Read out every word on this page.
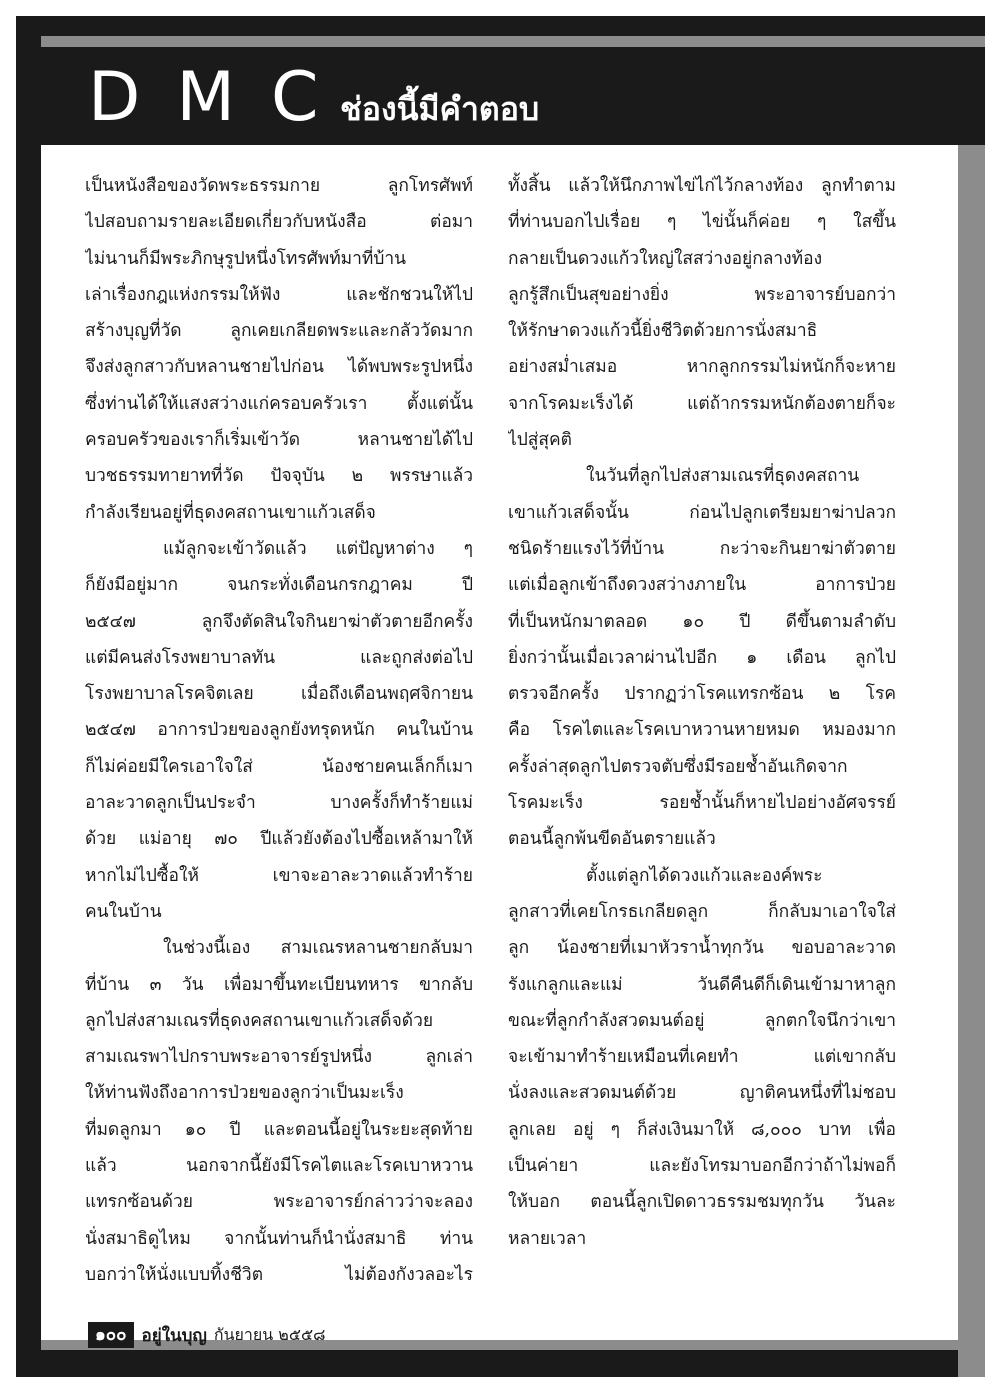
DMC
ช่องนี้มีคำตอบ
เป็นหนังสือของวัดพระธรรมกาย ลูกโทรศัพท์
ไปสอบถามรายละเอียดเกี่ยวกับหนังสือ ต่อมา
ไม่นานก็มีพระภิกษุรูปหนึ่งโทรศัพท์มาที่บ้าน
เล่าเรื่องกฎแห่งกรรมให้ฟัง และชักชวนให้ไป
สร้างบุญที่วัด ลูกเคยเกลียดพระและกลัววัดมาก
จึงส่งลูกสาวกับหลานชายไปก่อน ได้พบพระรูปหนึ่ง
ซึ่งท่านได้ให้แสงสว่างแก่ครอบครัวเรา ตั้งแต่นั้น
ครอบครัวของเราก็เริ่มเข้าวัด หลานชายได้ไป
บวชธรรมทายาทที่วัด ปัจจุบัน ๒ พรรษาแล้ว
กำลังเรียนอยู่ที่ธุดงคสถานเขาแก้วเสด็จ
แม้ลูกจะเข้าวัดแล้ว แต่ปัญหาต่าง ๆ
ก็ยังมีอยู่มาก จนกระทั่งเดือนกรกฎาคม ปี
๒๕๔๗ ลูกจึงตัดสินใจกินยาฆ่าตัวตายอีกครั้ง
แต่มีคนส่งโรงพยาบาลทัน และถูกส่งต่อไป
โรงพยาบาลโรคจิตเลย เมื่อถึงเดือนพฤศจิกายน
๒๕๔๗ อาการป่วยของลูกยังทรุดหนัก คนในบ้าน
ก็ไม่ค่อยมีใครเอาใจใส่ น้องชายคนเล็กก็เมา
อาละวาดลูกเป็นประจำ บางครั้งก็ทำร้ายแม่
ด้วย แม่อายุ ๗๐ ปีแล้วยังต้องไปซื้อเหล้ามาให้
หากไม่ไปซื้อให้ เขาจะอาละวาดแล้วทำร้าย
คนในบ้าน
ในช่วงนี้เอง สามเณรหลานชายกลับมา
ที่บ้าน ๓ วัน เพื่อมาขึ้นทะเบียนทหาร ขากลับ
ลูกไปส่งสามเณรที่ธุดงคสถานเขาแก้วเสด็จด้วย
สามเณรพาไปกราบพระอาจารย์รูปหนึ่ง ลูกเล่า
ให้ท่านฟังถึงอาการป่วยของลูกว่าเป็นมะเร็ง
ที่มดลูกมา ๑๐ ปี และตอนนี้อยู่ในระยะสุดท้าย
แล้ว นอกจากนี้ยังมีโรคไตและโรคเบาหวาน
แทรกซ้อนด้วย พระอาจารย์กล่าวว่าจะลอง
นั่งสมาธิดูไหม จากนั้นท่านก็นำนั่งสมาธิ ท่าน
บอกว่าให้นั่งแบบทิ้งชีวิต ไม่ต้องกังวลอะไร
ทั้งสิ้น แล้วให้นึกภาพไข่ไก่ไว้กลางท้อง ลูกทำตาม
ที่ท่านบอกไปเรื่อย ๆ ไข่นั้นก็ค่อย ๆ ใสขึ้น
กลายเป็นดวงแก้วใหญ่ใสสว่างอยู่กลางท้อง
ลูกรู้สึกเป็นสุขอย่างยิ่ง พระอาจารย์บอกว่า
ให้รักษาดวงแก้วนี้ยิ่งชีวิตด้วยการนั่งสมาธิ
อย่างสม่ำเสมอ หากลูกกรรมไม่หนักก็จะหาย
จากโรคมะเร็งได้ แต่ถ้ากรรมหนักต้องตายก็จะ
ไปสู่สุคติ
ในวันที่ลูกไปส่งสามเณรที่ธุดงคสถาน
เขาแก้วเสด็จนั้น ก่อนไปลูกเตรียมยาฆ่าปลวก
ชนิดร้ายแรงไว้ที่บ้าน กะว่าจะกินยาฆ่าตัวตาย
แต่เมื่อลูกเข้าถึงดวงสว่างภายใน อาการป่วย
ที่เป็นหนักมาตลอด ๑๐ ปี ดีขึ้นตามลำดับ
ยิ่งกว่านั้นเมื่อเวลาผ่านไปอีก ๑ เดือน ลูกไป
ตรวจอีกครั้ง ปรากฏว่าโรคแทรกซ้อน ๒ โรค
คือ โรคไตและโรคเบาหวานหายหมด หมองมาก
ครั้งล่าสุดลูกไปตรวจตับซึ่งมีรอยช้ำอันเกิดจาก
โรคมะเร็ง รอยช้ำนั้นก็หายไปอย่างอัศจรรย์
ตอนนี้ลูกพ้นขีดอันตรายแล้ว
ตั้งแต่ลูกได้ดวงแก้วและองค์พระ
ลูกสาวที่เคยโกรธเกลียดลูก ก็กลับมาเอาใจใส่
ลูก น้องชายที่เมาหัวราน้ำทุกวัน ขอบอาละวาด
รังแกลูกและแม่ วันดีคืนดีก็เดินเข้ามาหาลูก
ขณะที่ลูกกำลังสวดมนต์อยู่ ลูกตกใจนึกว่าเขา
จะเข้ามาทำร้ายเหมือนที่เคยทำ แต่เขากลับ
นั่งลงและสวดมนต์ด้วย ญาติคนหนึ่งที่ไม่ชอบ
ลูกเลย อยู่ ๆ ก็ส่งเงินมาให้ ๘,๐๐๐ บาท เพื่อ
เป็นค่ายา และยังโทรมาบอกอีกว่าถ้าไม่พอก็
ให้บอก ตอนนี้ลูกเปิดดาวธรรมชมทุกวัน วันละ
หลายเวลา
๑๐๐ อยู่ในบุญ กันยายน ๒๕๕๘
